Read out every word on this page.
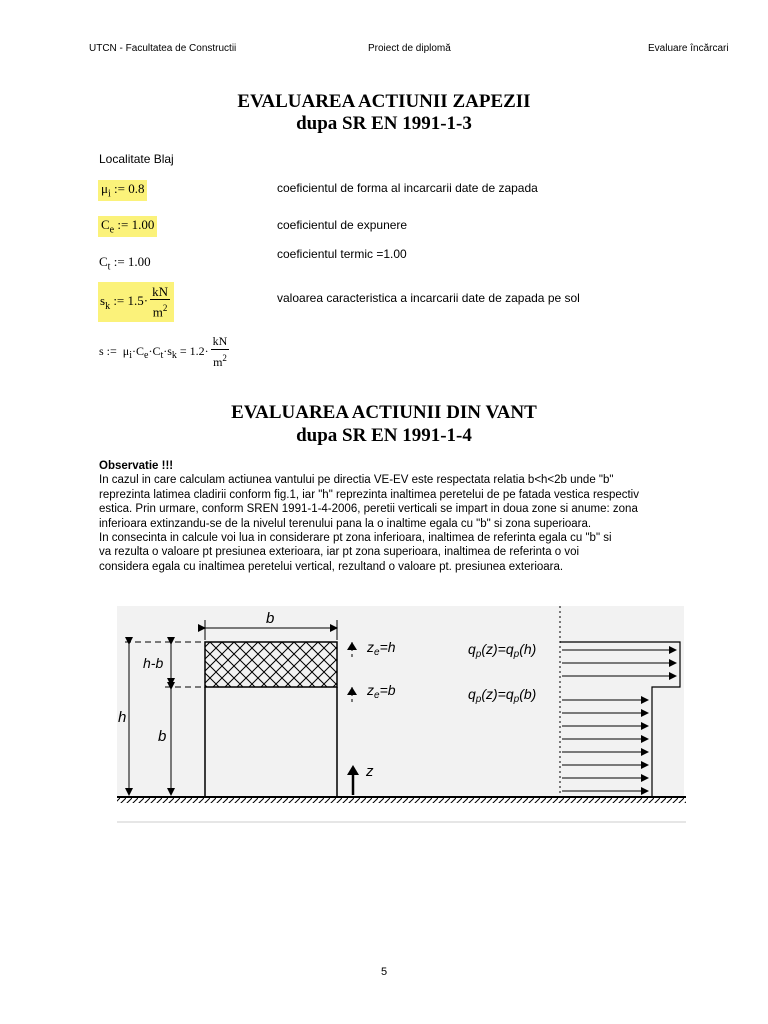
UTCN - Facultatea de Constructii	Proiect de diplomă	Evaluare încărcari
EVALUAREA ACTIUNII ZAPEZII
dupa SR EN 1991-1-3
Localitate Blaj
$\mu_i$ := 0.8	coeficientul de forma al incarcarii date de zapada
$C_e$ := 1.00	coeficientul de expunere
$C_t$ := 1.00	coeficientul termic =1.00
$s_k$ := $1.5\cdot \frac{kN}{m^2}$	valoarea caracteristica a incarcarii date de zapada pe sol
s := $\mu_i\cdot C_e\cdot C_t\cdot s_k = 1.2\cdot \frac{kN}{m^2}$
EVALUAREA ACTIUNII DIN VANT
dupa SR EN 1991-1-4

Observatie !!!

In cazul in care calculam actiunea vantului pe directia VE-EV este respectata relatia b<h<2b unde "b"

reprezinta latimea cladirii conform fig.1, iar "h" reprezinta inaltimea peretelui de pe fatada vestica respectiv

estica. Prin urmare, conform SREN 1991-1-4-2006, peretii verticali se impart in doua zone si anume: zona

inferioara extinzandu-se de la nivelul terenului pana la o inaltime egala cu "b" si zona superioara.

In consecinta in calcule voi lua in considerare pt zona inferioara, inaltimea de referinta egala cu "b" si

va rezulta o valoare pt presiunea exterioara, iar pt zona superioara, inaltimea de referinta o voi

considera egala cu inaltimea peretelui vertical, rezultand o valoare pt. presiunea exterioara.

b
h-b
h
b
$z_e=h$
$z_e=b$
z
$q_p(z)=q_p(h)$
$q_p(z)=q_p(b)$
5
